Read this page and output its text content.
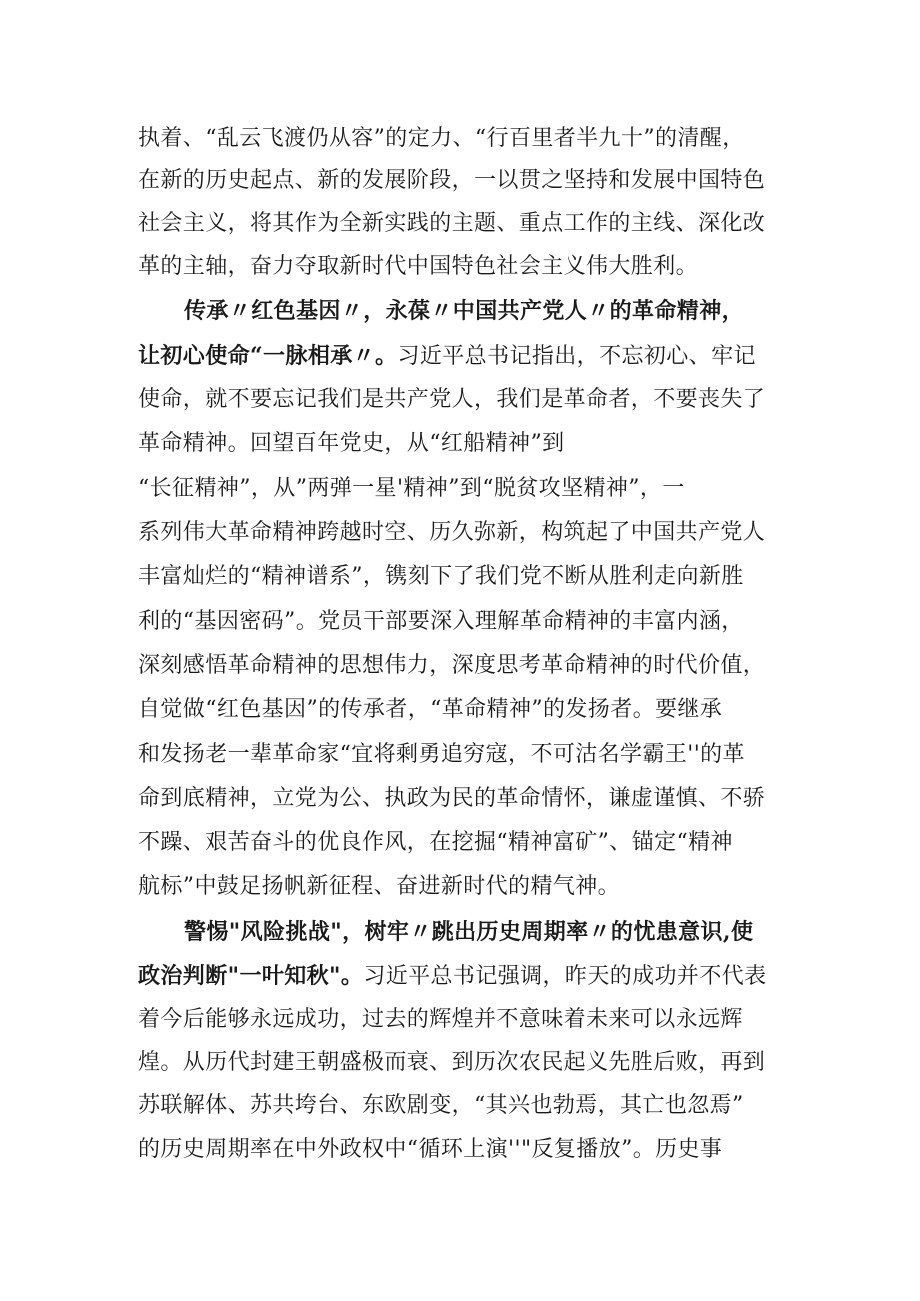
执着、“乱云飞渡仍从容”的定力、“行百里者半九十”的清醒，

在新的历史起点、新的发展阶段，一以贯之坚持和发展中国特色

社会主义，将其作为全新实践的主题、重点工作的主线、深化改

革的主轴，奋力夺取新时代中国特色社会主义伟大胜利。

传承〃红色基因〃，永葆〃中国共产党人〃的革命精神，

让初心使命“一脉相承〃。习近平总书记指出，不忘初心、牢记

使命，就不要忘记我们是共产党人，我们是革命者，不要丧失了

革命精神。回望百年党史，从“红船精神”到

“长征精神”，从”两弹一星'精神”到“脱贫攻坚精神”，一

系列伟大革命精神跨越时空、历久弥新，构筑起了中国共产党人

丰富灿烂的“精神谱系”，镌刻下了我们党不断从胜利走向新胜

利的“基因密码”。党员干部要深入理解革命精神的丰富内涵，

深刻感悟革命精神的思想伟力，深度思考革命精神的时代价值，

自觉做“红色基因”的传承者，“革命精神”的发扬者。要继承

和发扬老一辈革命家“宜将剩勇追穷寇，不可沽名学霸王''的革

命到底精神，立党为公、执政为民的革命情怀，谦虚谨慎、不骄

不躁、艰苦奋斗的优良作风，在挖掘“精神富矿”、锚定“精神

航标”中鼓足扬帆新征程、奋进新时代的精气神。

警惕"风险挑战"，树牢〃跳出历史周期率〃的忧患意识,使

政治判断"一叶知秋"。习近平总书记强调，昨天的成功并不代表

着今后能够永远成功，过去的辉煌并不意味着未来可以永远辉

煌。从历代封建王朝盛极而衰、到历次农民起义先胜后败，再到

苏联解体、苏共垮台、东欧剧变，“其兴也勃焉，其亡也忽焉”

的历史周期率在中外政权中“循环上演''"反复播放”。历史事
